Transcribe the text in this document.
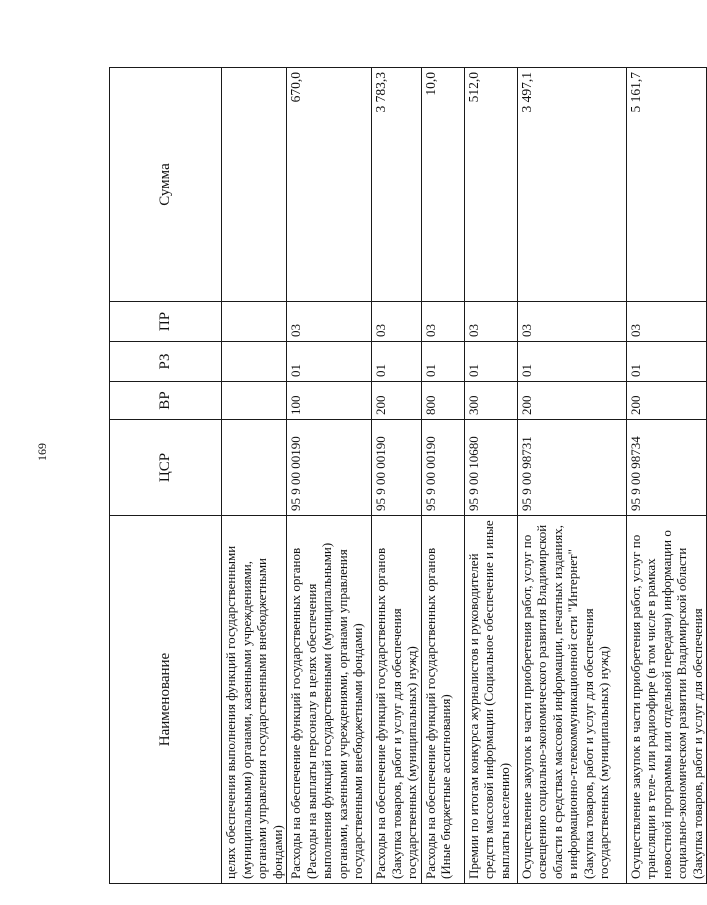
169
Наименование	ЦСР	ВР	РЗ	ПР	Сумма
целях обеспечения выполнения функций государственными (муниципальными) органами, казенными учреждениями, органами управления государственными внебюджетными фондами)					
Расходы на обеспечение функций государственных органов (Расходы на выплаты персоналу в целях обеспечения выполнения функций государственными (муниципальными) органами, казенными учреждениями, органами управления государственными внебюджетными фондами)	95 9 00 00190	100	01	03	670,0
Расходы на обеспечение функций государственных органов (Закупка товаров, работ и услуг для обеспечения государственных (муниципальных) нужд)	95 9 00 00190	200	01	03	3 783,3
Расходы на обеспечение функций государственных органов (Иные бюджетные ассигнования)	95 9 00 00190	800	01	03	10,0
Премии по итогам конкурса журналистов и руководителей средств массовой информации (Социальное обеспечение и иные выплаты населению)	95 9 00 10680	300	01	03	512,0
Осуществление закупок в части приобретения работ, услуг по освещению социально-экономического развития Владимирской области в средствах массовой информации, печатных изданиях, в информационно-телекоммуникационной сети "Интернет" (Закупка товаров, работ и услуг для обеспечения государственных (муниципальных) нужд)	95 9 00 98731	200	01	03	3 497,1
Осуществление закупок в части приобретения работ, услуг по трансляции в теле- или радиоэфире (в том числе в рамках новостной программы или отдельной передачи) информации о социально-экономическом развитии Владимирской области (Закупка товаров, работ и услуг для обеспечения	95 9 00 98734	200	01	03	5 161,7
